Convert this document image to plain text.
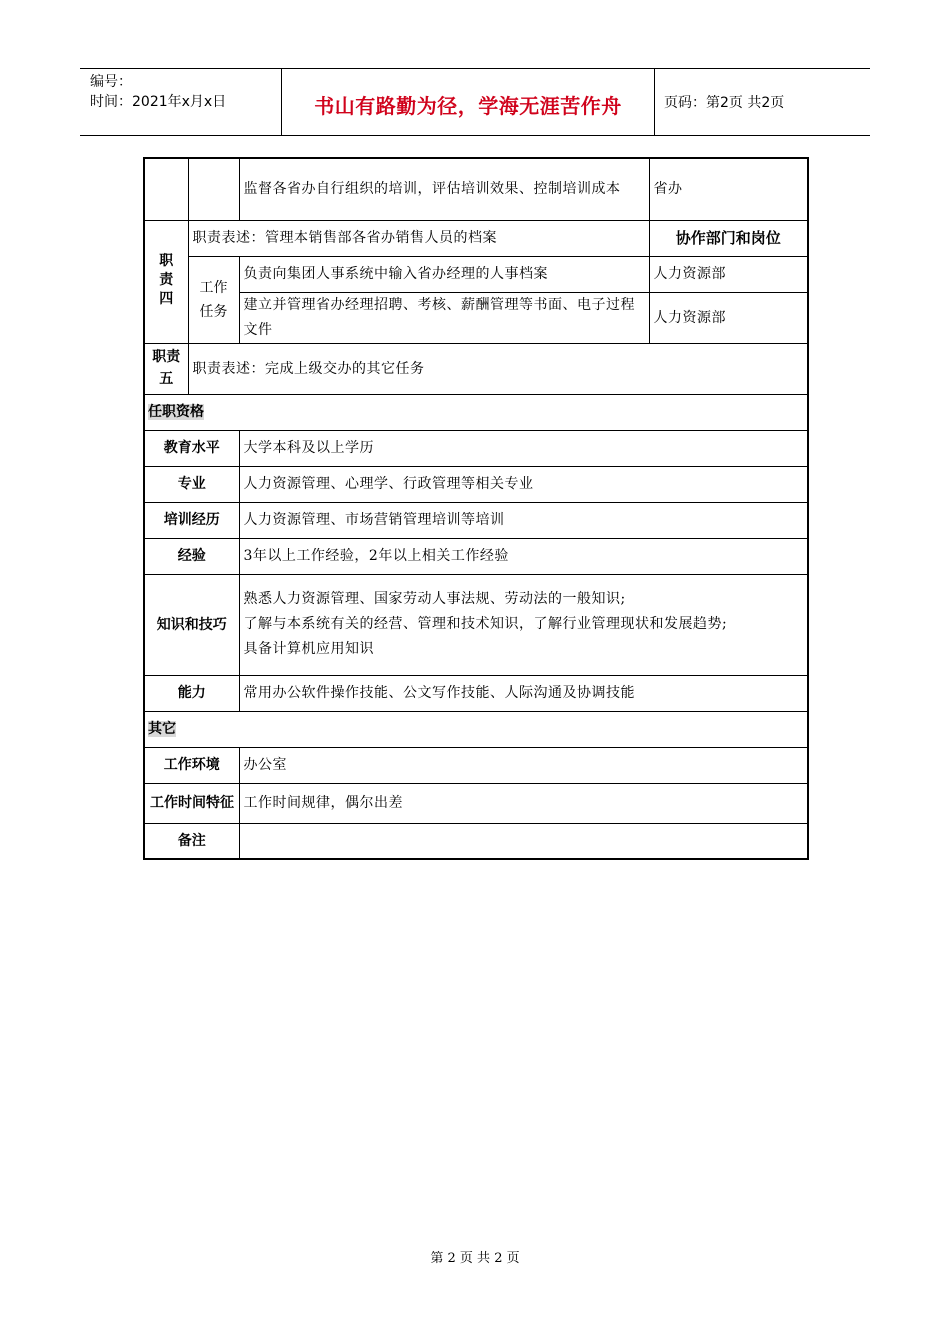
编号：
时间：2021年x月x日	书山有路勤为径，学海无涯苦作舟	页码：第2页 共2页
		监督各省办自行组织的培训，评估培训效果、控制培训成本	省办
职责四	职责表述：管理本销售部各省办销售人员的档案		协作部门和岗位
	工作任务	负责向集团人事系统中输入省办经理的人事档案	人力资源部
		建立并管理省办经理招聘、考核、薪酬管理等书面、电子过程文件	人力资源部
职责五	职责表述：完成上级交办的其它任务		
任职资格			
教育水平		大学本科及以上学历	
专业		人力资源管理、心理学、行政管理等相关专业	
培训经历		人力资源管理、市场营销管理培训等培训	
经验		3年以上工作经验，2年以上相关工作经验	
知识和技巧		熟悉人力资源管理、国家劳动人事法规、劳动法的一般知识;
了解与本系统有关的经营、管理和技术知识，了解行业管理现状和发展趋势;
具备计算机应用知识	

能力		常用办公软件操作技能、公文写作技能、人际沟通及协调技能	
其它			
工作环境		办公室	
工作时间特征		工作时间规律，偶尔出差	
备注			
第 2 页 共 2 页
